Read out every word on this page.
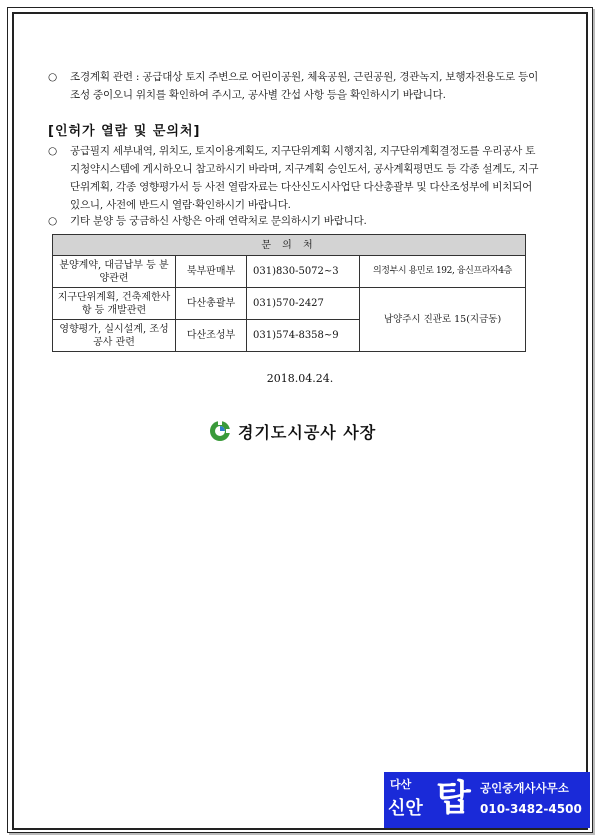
○	조경계획 관련 : 공급대상 토지 주변으로 어린이공원, 체육공원, 근린공원, 경관녹지, 보행자전용도로 등이 조성 중이오니 위치를 확인하여 주시고, 공사별 간섭 사항 등을 확인하시기 바랍니다.
[인허가 열람 및 문의처]
○	공급필지 세부내역, 위치도, 토지이용계획도, 지구단위계획 시행지침, 지구단위계획결정도를 우리공사 토지청약시스템에 게시하오니 참고하시기 바라며, 지구계획 승인도서, 공사계획평면도 등 각종 설계도, 지구단위계획, 각종 영향평가서 등 사전 열람자료는 다산신도시사업단 다산총괄부 및 다산조성부에 비치되어 있으니, 사전에 반드시 열람·확인하시기 바랍니다.
○	기타 분양 등 궁금하신 사항은 아래 연락처로 문의하시기 바랍니다.
문 의 처			
분양계약, 대금납부 등 분양관련	북부판매부	031)830-5072~3	의정부시 용민로 192, 융신프라자4층
지구단위계획, 건축제한사항 등 개발관련	다산총괄부	031)570-2427	남양주시 진관로 15(지금동)
영향평가, 실시설계, 조성공사 관련	다산조성부	031)574-8358~9	
2018.04.24.
경기도시공사 사장
다산
신안 탑 공인중개사사무소
010-3482-4500
